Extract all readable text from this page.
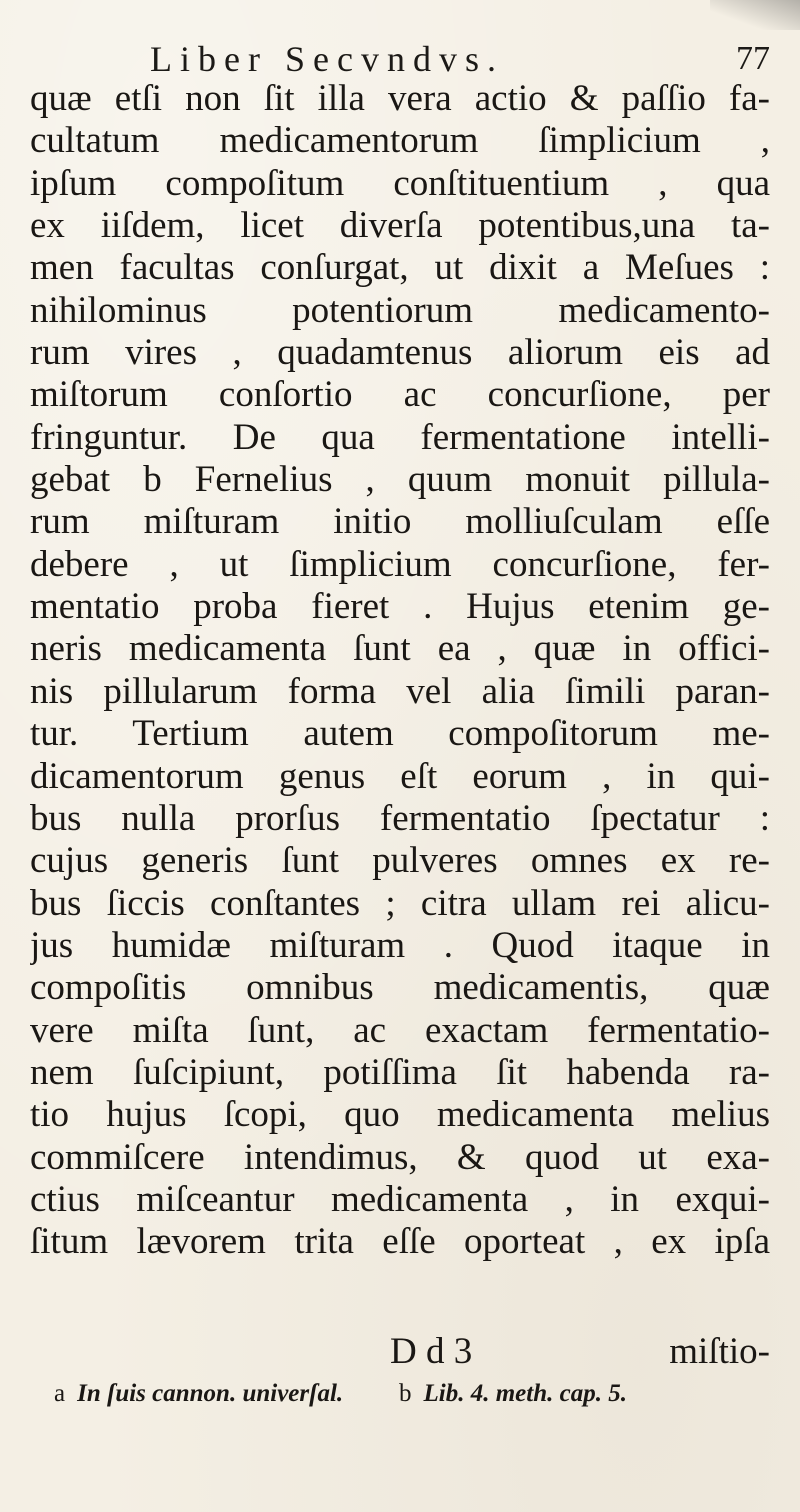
Liber Secvndvs.	77
quæ etſi non ſit illa vera actio & paſſio fa-
cultatum medicamentorum ſimplicium ,
ipſum compoſitum conſtituentium , qua
ex iiſdem, licet diverſa potentibus,una ta-
men facultas conſurgat, ut dixit a Meſues :
nihilominus potentiorum medicamento-
rum vires , quadamtenus aliorum eis ad
miſtorum conſortio ac concurſione, per
fringuntur. De qua fermentatione intelli-
gebat b Fernelius , quum monuit pillula-
rum miſturam initio molliuſculam eſſe
debere , ut ſimplicium concurſione, fer-
mentatio proba fieret . Hujus etenim ge-
neris medicamenta ſunt ea , quæ in offici-
nis pillularum forma vel alia ſimili paran-
tur. Tertium autem compoſitorum me-
dicamentorum genus eſt eorum , in qui-
bus nulla prorſus fermentatio ſpectatur :
cujus generis ſunt pulveres omnes ex re-
bus ſiccis conſtantes ; citra ullam rei alicu-
jus humidæ miſturam . Quod itaque in
compoſitis omnibus medicamentis, quæ
vere miſta ſunt, ac exactam fermentatio-
nem ſuſcipiunt, potiſſima ſit habenda ra-
tio hujus ſcopi, quo medicamenta melius
commiſcere intendimus, & quod ut exa-
ctius miſceantur medicamenta , in exqui-
ſitum lævorem trita eſſe oporteat , ex ipſa
D d 3	miſtio-
a In ſuis cannon. univerſal. b Lib. 4. meth. cap. 5.
